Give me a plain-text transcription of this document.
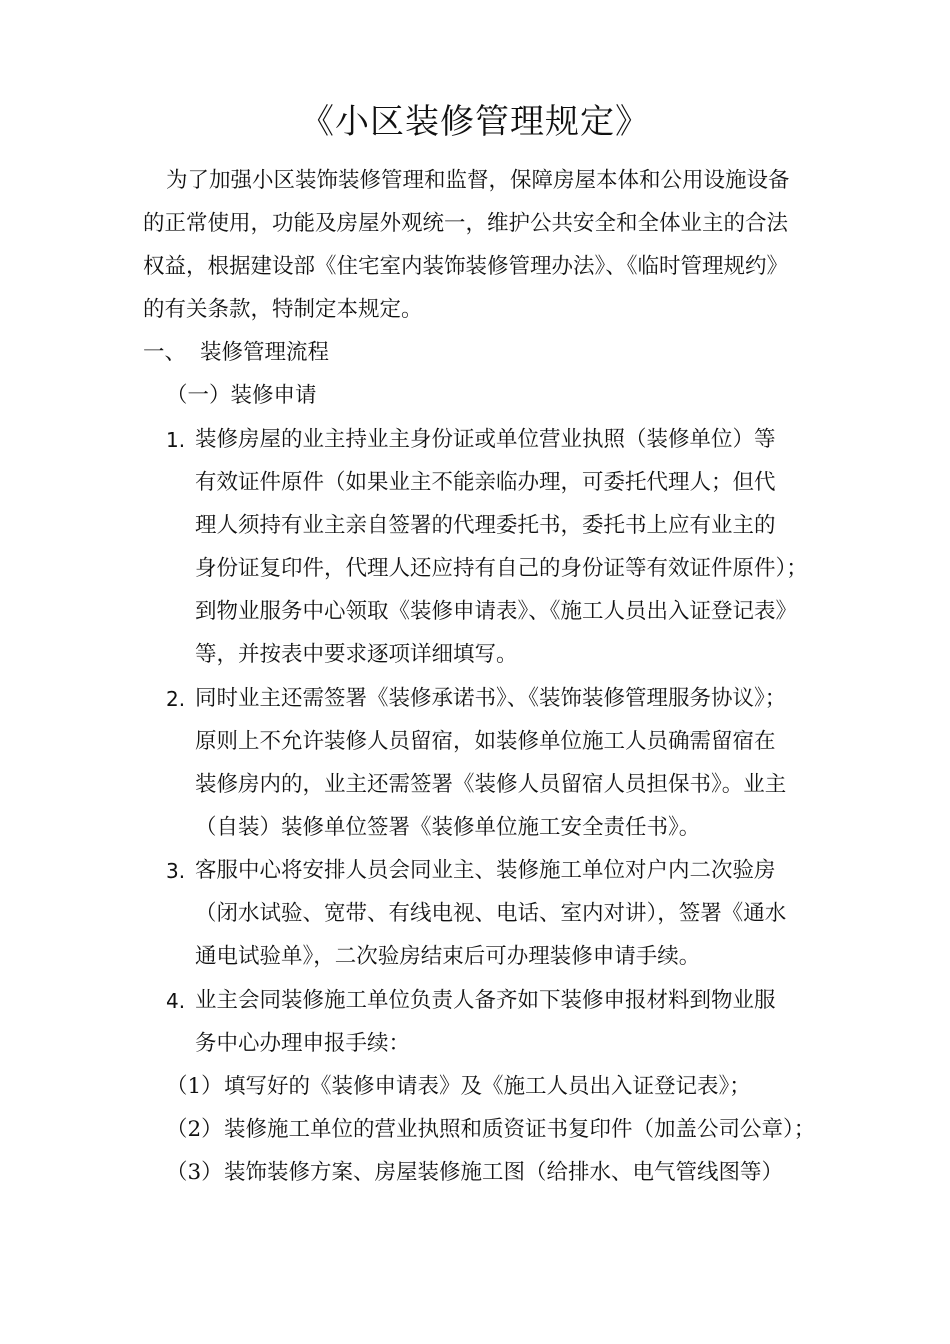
《小区装修管理规定》
为了加强小区装饰装修管理和监督，保障房屋本体和公用设施设备
的正常使用，功能及房屋外观统一，维护公共安全和全体业主的合法
权益，根据建设部《住宅室内装饰装修管理办法》、《临时管理规约》
的有关条款，特制定本规定。
一、 装修管理流程
（一）装修申请
1. 装修房屋的业主持业主身份证或单位营业执照（装修单位）等
有效证件原件（如果业主不能亲临办理，可委托代理人；但代
理人须持有业主亲自签署的代理委托书，委托书上应有业主的
身份证复印件，代理人还应持有自己的身份证等有效证件原件）；
到物业服务中心领取《装修申请表》、《施工人员出入证登记表》
等，并按表中要求逐项详细填写。
2. 同时业主还需签署《装修承诺书》、《装饰装修管理服务协议》；
原则上不允许装修人员留宿，如装修单位施工人员确需留宿在
装修房内的，业主还需签署《装修人员留宿人员担保书》。业主
（自装）装修单位签署《装修单位施工安全责任书》。
3. 客服中心将安排人员会同业主、装修施工单位对户内二次验房
（闭水试验、宽带、有线电视、电话、室内对讲），签署《通水
通电试验单》，二次验房结束后可办理装修申请手续。
4. 业主会同装修施工单位负责人备齐如下装修申报材料到物业服
务中心办理申报手续：
（1） 填写好的《装修申请表》及《施工人员出入证登记表》；
（2） 装修施工单位的营业执照和质资证书复印件（加盖公司公章）；
（3） 装饰装修方案、房屋装修施工图（给排水、电气管线图等）
